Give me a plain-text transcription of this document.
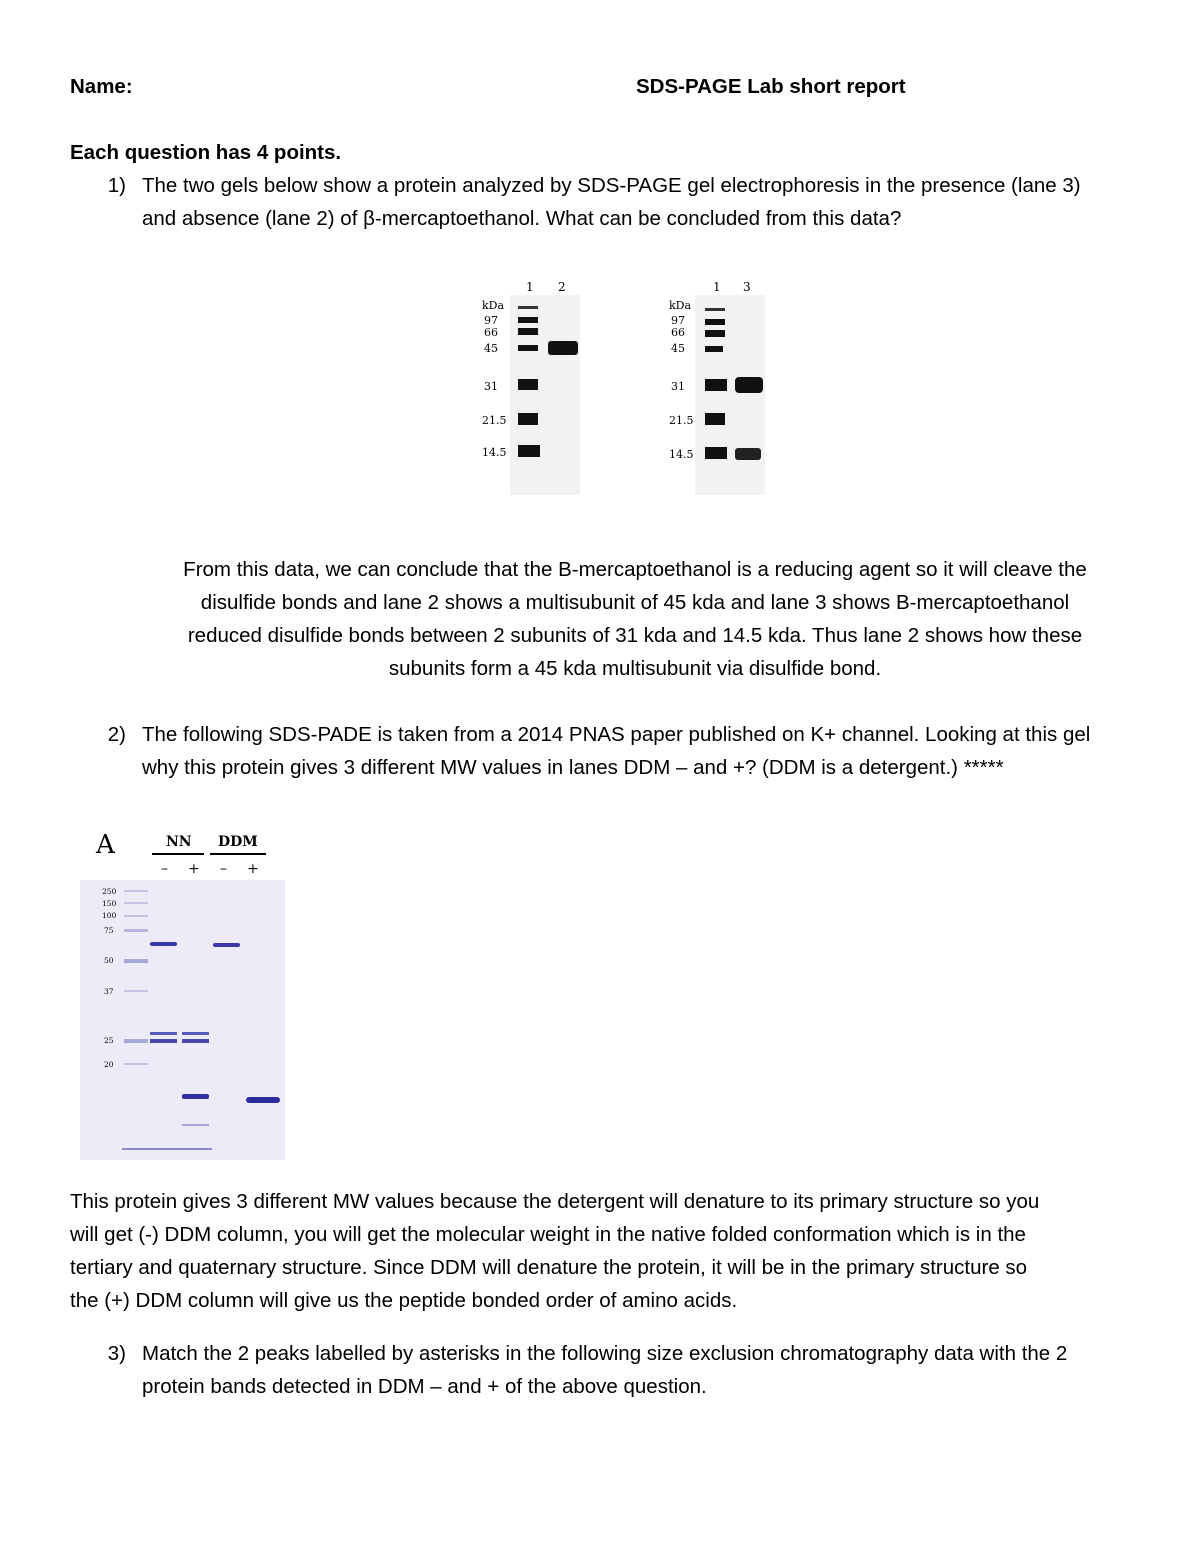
Name:	SDS-PAGE Lab short report
Each question has 4 points.
1) The two gels below show a protein analyzed by SDS-PAGE gel electrophoresis in the presence (lane 3)
and absence (lane 2) of β-mercaptoethanol. What can be concluded from this data?
1 2
kDa
97
66
45
31
21.5
14.5
1 3
kDa
97
66
45
31
21.5
14.5
From this data, we can conclude that the B-mercaptoethanol is a reducing agent so it will cleave the
disulfide bonds and lane 2 shows a multisubunit of 45 kda and lane 3 shows B-mercaptoethanol
reduced disulfide bonds between 2 subunits of 31 kda and 14.5 kda. Thus lane 2 shows how these
subunits form a 45 kda multisubunit via disulfide bond.
2) The following SDS-PADE is taken from a 2014 PNAS paper published on K+ channel. Looking at this gel
why this protein gives 3 different MW values in lanes DDM – and +? (DDM is a detergent.) *****
A	NN DDM
– + – +
250
150
100
75
50
37
25
20
This protein gives 3 different MW values because the detergent will denature to its primary structure so you
will get (-) DDM column, you will get the molecular weight in the native folded conformation which is in the
tertiary and quaternary structure. Since DDM will denature the protein, it will be in the primary structure so
the (+) DDM column will give us the peptide bonded order of amino acids.
3) Match the 2 peaks labelled by asterisks in the following size exclusion chromatography data with the 2
protein bands detected in DDM – and + of the above question.
